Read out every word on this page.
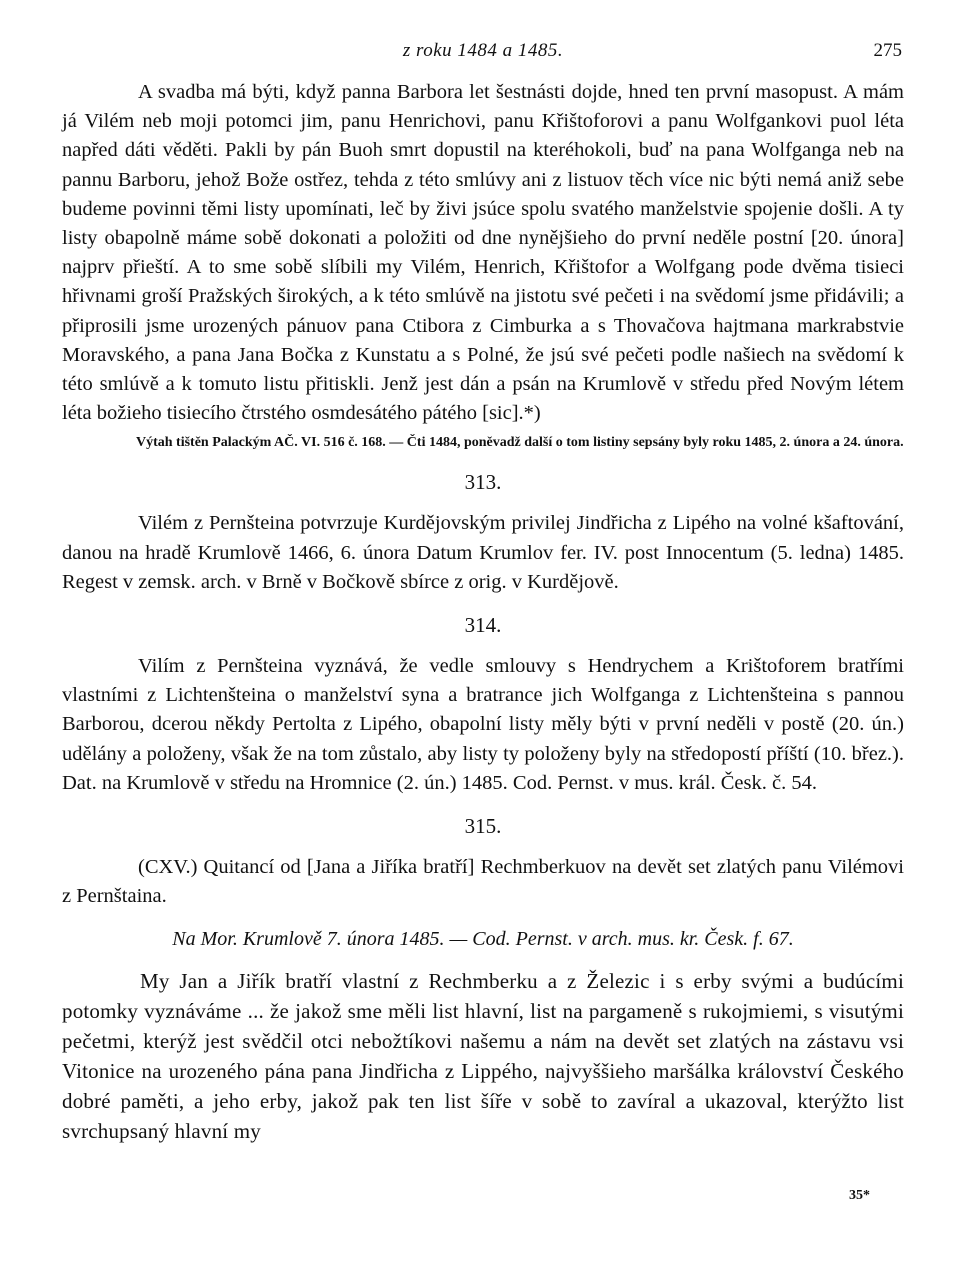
z roku 1484 a 1485.	275

A svadba má býti, když panna Barbora let šestnásti dojde, hned ten první masopust. A mám já Vilém neb moji potomci jim, panu Henrichovi, panu Křištoforovi a panu Wolfgankovi puol léta napřed dáti věděti. Pakli by pán Buoh smrt dopustil na kteréhokoli, buď na pana Wolfganga neb na pannu Barboru, jehož Bože ostřez, tehda z této smlúvy ani z listuov těch více nic býti nemá aniž sebe budeme povinni těmi listy upomínati, leč by živi jsúce spolu svatého manželstvie spojenie došli. A ty listy obapolně máme sobě dokonati a položiti od dne nynějšieho do první neděle postní [20. února] najprv přieští. A to sme sobě slíbili my Vilém, Henrich, Křištofor a Wolfgang pode dvěma tisieci hřivnami groší Pražských širokých, a k této smlúvě na jistotu své pečeti i na svědomí jsme přidávili; a připrosili jsme urozených pánuov pana Ctibora z Cimburka a s Thovačova hajtmana markrabstvie Moravského, a pana Jana Bočka z Kunstatu a s Polné, že jsú své pečeti podle našiech na svědomí k této smlúvě a k tomuto listu přitiskli. Jenž jest dán a psán na Krumlově v středu před Novým létem léta božieho tisiecího čtrstého osmdesátého pátého [sic].*)

Výtah tištěn Palackým AČ. VI. 516 č. 168. — Čti 1484, poněvadž další o tom listiny sepsány byly roku 1485, 2. února a 24. února.
313.

Vilém z Pernšteina potvrzuje Kurdějovským privilej Jindřicha z Lipého na volné kšaftování, danou na hradě Krumlově 1466, 6. února Datum Krumlov fer. IV. post Innocentum (5. ledna) 1485. Regest v zemsk. arch. v Brně v Bočkově sbírce z orig. v Kurdějově.

314.

Vilím z Pernšteina vyznává, že vedle smlouvy s Hendrychem a Krištoforem bratřími vlastními z Lichtenšteina o manželství syna a bratrance jich Wolfganga z Lichtenšteina s pannou Barborou, dcerou někdy Pertolta z Lipého, obapolní listy měly býti v první neděli v postě (20. ún.) udělány a položeny, však že na tom zůstalo, aby listy ty položeny byly na středopostí příští (10. břez.). Dat. na Krumlově v středu na Hromnice (2. ún.) 1485. Cod. Pernst. v mus. král. Česk. č. 54.

315.

(CXV.) Quitancí od [Jana a Jiříka bratří] Rechmberkuov na devět set zlatých panu Vilémovi z Pernštaina.

Na Mor. Krumlově 7. února 1485. — Cod. Pernst. v arch. mus. kr. Česk. f. 67.

My Jan a Jiřík bratří vlastní z Rechmberku a z Železic i s erby svými a budúcími potomky vyznáváme ... že jakož sme měli list hlavní, list na pargameně s rukojmiemi, s visutými pečetmi, kterýž jest svědčil otci nebožtíkovi našemu a nám na devět set zlatých na zástavu vsi Vitonice na urozeného pána pana Jindřicha z Lippého, najvyššieho maršálka království Českého dobré paměti, a jeho erby, jakož pak ten list šíře v sobě to zavíral a ukazoval, kterýžto list svrchupsaný hlavní my

35*
